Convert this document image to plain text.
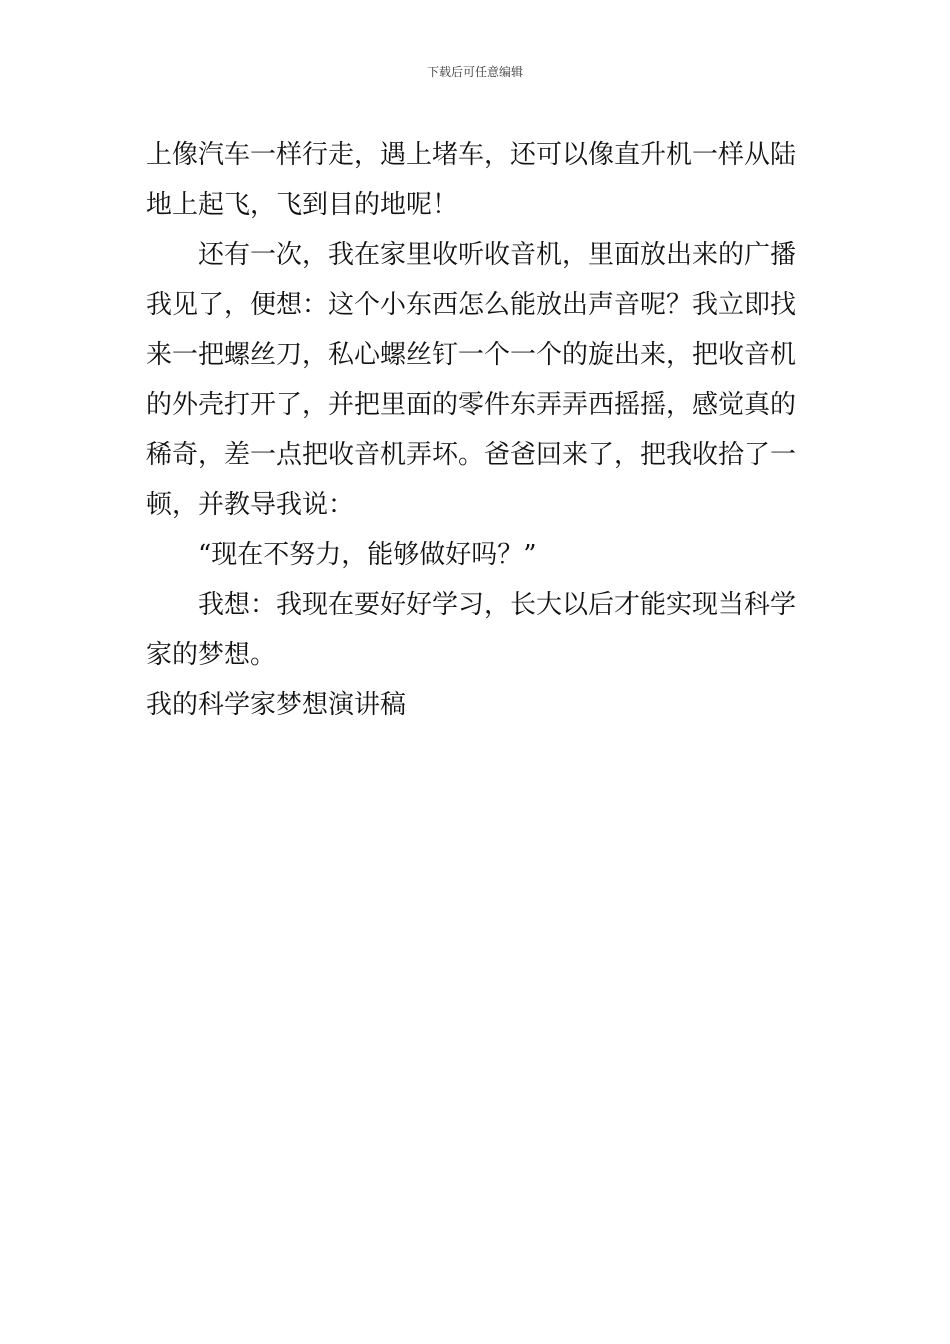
下载后可任意编辑
上像汽车一样行走，遇上堵车，还可以像直升机一样从陆
地上起飞，飞到目的地呢！
还有一次，我在家里收听收音机，里面放出来的广播
我见了，便想：这个小东西怎么能放出声音呢？我立即找
来一把螺丝刀，私心螺丝钉一个一个的旋出来，把收音机
的外壳打开了，并把里面的零件东弄弄西摇摇，感觉真的
稀奇，差一点把收音机弄坏。爸爸回来了，把我收拾了一
顿，并教导我说：
“现在不努力，能够做好吗？”
我想：我现在要好好学习，长大以后才能实现当科学
家的梦想。
我的科学家梦想演讲稿
